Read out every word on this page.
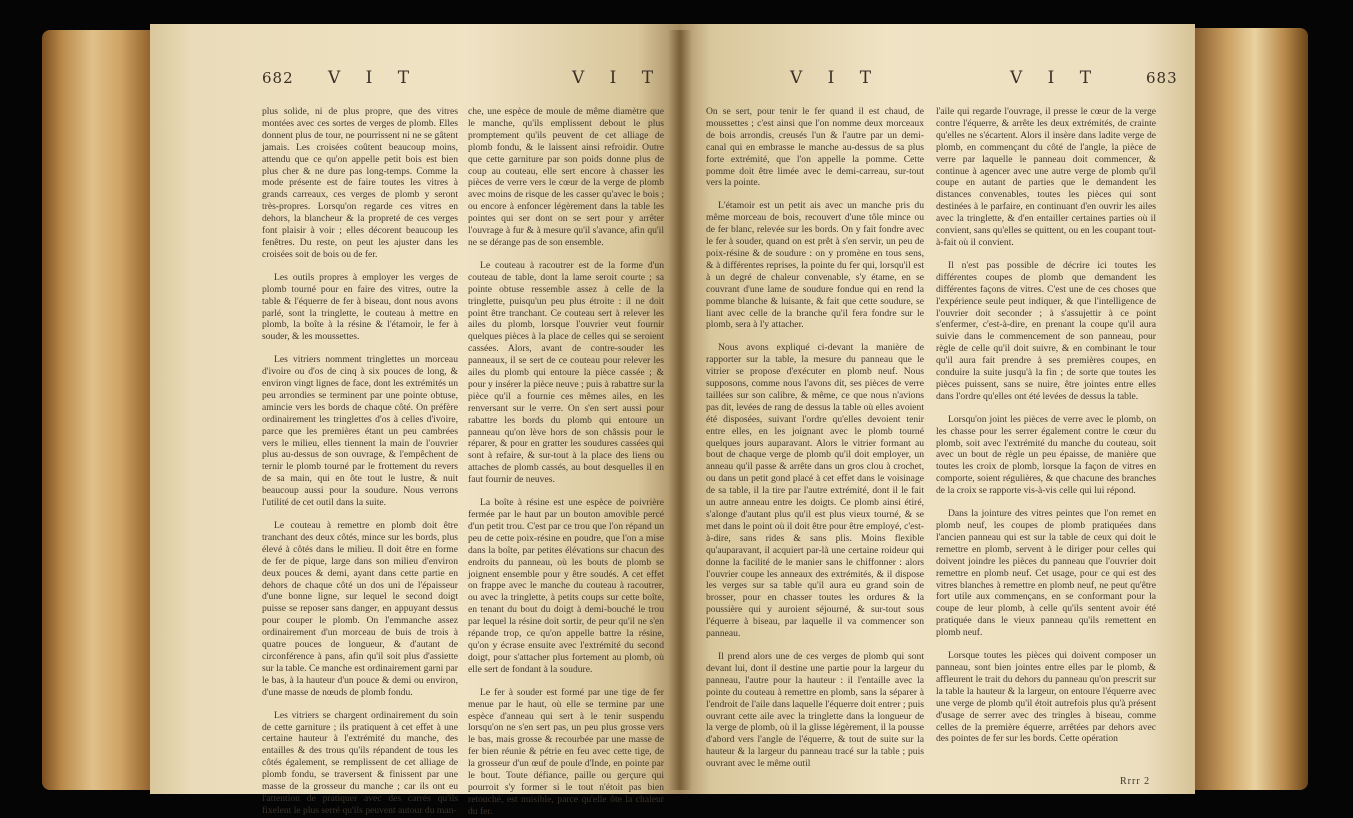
682 V I T	V I T

plus solide, ni de plus propre, que des vitres montées avec ces sortes de verges de plomb. Elles donnent plus de tour, ne pourrissent ni ne se gâtent jamais. Les croisées coûtent beaucoup moins, attendu que ce qu'on appelle petit bois est bien plus cher & ne dure pas long-temps. Comme la mode présente est de faire toutes les vitres à grands carreaux, ces verges de plomb y seront très-propres. Lorsqu'on regarde ces vitres en dehors, la blancheur & la propreté de ces verges font plaisir à voir ; elles décorent beaucoup les fenêtres. Du reste, on peut les ajuster dans les croisées soit de bois ou de fer.

Les outils propres à employer les verges de plomb tourné pour en faire des vitres, outre la table & l'équerre de fer à biseau, dont nous avons parlé, sont la tringlette, le couteau à mettre en plomb, la boîte à la résine & l'étamoir, le fer à souder, & les moussettes.

Les vitriers nomment tringlettes un morceau d'ivoire ou d'os de cinq à six pouces de long, & environ vingt lignes de face, dont les extrémités un peu arrondies se terminent par une pointe obtuse, amincie vers les bords de chaque côté. On préfère ordinairement les tringlettes d'os à celles d'ivoire, parce que les premières étant un peu cambrées vers le milieu, elles tiennent la main de l'ouvrier plus au-dessus de son ouvrage, & l'empêchent de ternir le plomb tourné par le frottement du revers de sa main, qui en ôte tout le lustre, & nuit beaucoup aussi pour la soudure. Nous verrons l'utilité de cet outil dans la suite.

Le couteau à remettre en plomb doit être tranchant des deux côtés, mince sur les bords, plus élevé à côtés dans le milieu. Il doit être en forme de fer de pique, large dans son milieu d'environ deux pouces & demi, ayant dans cette partie en dehors de chaque côté un dos uni de l'épaisseur d'une bonne ligne, sur lequel le second doigt puisse se reposer sans danger, en appuyant dessus pour couper le plomb. On l'emmanche assez ordinairement d'un morceau de buis de trois à quatre pouces de longueur, & d'autant de circonférence à pans, afin qu'il soit plus d'assiette sur la table. Ce manche est ordinairement garni par le bas, à la hauteur d'un pouce & demi ou environ, d'une masse de nœuds de plomb fondu.

Les vitriers se chargent ordinairement du soin de cette garniture ; ils pratiquent à cet effet à une certaine hauteur à l'extrémité du manche, des entailles & des trous qu'ils répandent de tous les côtés également, se remplissent de cet alliage de plomb fondu, se traversent & finissent par une masse de la grosseur du manche ; car ils ont eu l'attention de pratiquer avec des carrés qu'ils fixelent le plus serré qu'ils peuvent autour du man-

che, une espèce de moule de même diamètre que le manche, qu'ils emplissent debout le plus promptement qu'ils peuvent de cet alliage de plomb fondu, & le laissent ainsi refroidir. Outre que cette garniture par son poids donne plus de coup au couteau, elle sert encore à chasser les pièces de verre vers le cœur de la verge de plomb avec moins de risque de les casser qu'avec le bois ; ou encore à enfoncer légèrement dans la table les pointes qui ser dont on se sert pour y arrêter l'ouvrage à fur & à mesure qu'il s'avance, afin qu'il ne se dérange pas de son ensemble.

Le couteau à racoutrer est de la forme d'un couteau de table, dont la lame seroit courte ; sa pointe obtuse ressemble assez à celle de la tringlette, puisqu'un peu plus étroite : il ne doit point être tranchant. Ce couteau sert à relever les ailes du plomb, lorsque l'ouvrier veut fournir quelques pièces à la place de celles qui se seroient cassées. Alors, avant de contre-souder les panneaux, il se sert de ce couteau pour relever les ailes du plomb qui entoure la pièce cassée ; & pour y insérer la pièce neuve ; puis à rabattre sur la pièce qu'il a fournie ces mêmes ailes, en les renversant sur le verre. On s'en sert aussi pour rabattre les bords du plomb qui entoure un panneau qu'on lève hors de son châssis pour le réparer, & pour en gratter les soudures cassées qui sont à refaire, & sur-tout à la place des liens ou attaches de plomb cassés, au bout desquelles il en faut fournir de neuves.

La boîte à résine est une espèce de poivrière fermée par le haut par un bouton amovible percé d'un petit trou. C'est par ce trou que l'on répand un peu de cette poix-résine en poudre, que l'on a mise dans la boîte, par petites élévations sur chacun des endroits du panneau, où les bouts de plomb se joignent ensemble pour y être soudés. A cet effet on frappe avec le manche du couteau à racoutrer, ou avec la tringlette, à petits coups sur cette boîte, en tenant du bout du doigt à demi-bouché le trou par lequel la résine doit sortir, de peur qu'il ne s'en répande trop, ce qu'on appelle battre la résine, qu'on y écrase ensuite avec l'extrémité du second doigt, pour s'attacher plus fortement au plomb, où elle sert de fondant à la soudure.

Le fer à souder est formé par une tige de fer menue par le haut, où elle se termine par une espèce d'anneau qui sert à le tenir suspendu lorsqu'on ne s'en sert pas, un peu plus grosse vers le bas, mais grosse & recourbée par une masse de fer bien réunie & pétrie en feu avec cette tige, de la grosseur d'un œuf de poule d'Inde, en pointe par le bout. Toute défiance, paille ou gerçure qui pourroit s'y former si le tout n'étoit pas bien retouché, est nuisible, parce qu'elle ôte la chaleur du fer.

V I T	V I T	683

On se sert, pour tenir le fer quand il est chaud, de moussettes ; c'est ainsi que l'on nomme deux morceaux de bois arrondis, creusés l'un & l'autre par un demi-canal qui en embrasse le manche au-dessus de sa plus forte extrémité, que l'on appelle la pomme. Cette pomme doit être limée avec le demi-carreau, sur-tout vers la pointe.

L'étamoir est un petit ais avec un manche pris du même morceau de bois, recouvert d'une tôle mince ou de fer blanc, relevée sur les bords. On y fait fondre avec le fer à souder, quand on est prêt à s'en servir, un peu de poix-résine & de soudure : on y promène en tous sens, & à différentes reprises, la pointe du fer qui, lorsqu'il est à un degré de chaleur convenable, s'y étame, en se couvrant d'une lame de soudure fondue qui en rend la pomme blanche & luisante, & fait que cette soudure, se liant avec celle de la branche qu'il fera fondre sur le plomb, sera à l'y attacher.

Nous avons expliqué ci-devant la manière de rapporter sur la table, la mesure du panneau que le vitrier se propose d'exécuter en plomb neuf. Nous supposons, comme nous l'avons dit, ses pièces de verre taillées sur son calibre, & même, ce que nous n'avions pas dit, levées de rang de dessus la table où elles avoient été disposées, suivant l'ordre qu'elles devoient tenir entre elles, en les joignant avec le plomb tourné quelques jours auparavant. Alors le vitrier formant au bout de chaque verge de plomb qu'il doit employer, un anneau qu'il passe & arrête dans un gros clou à crochet, ou dans un petit gond placé à cet effet dans le voisinage de sa table, il la tire par l'autre extrémité, dont il le fait un autre anneau entre les doigts. Ce plomb ainsi étiré, s'alonge d'autant plus qu'il est plus vieux tourné, & se met dans le point où il doit être pour être employé, c'est-à-dire, sans rides & sans plis. Moins flexible qu'auparavant, il acquiert par-là une certaine roideur qui donne la facilité de le manier sans le chiffonner : alors l'ouvrier coupe les anneaux des extrémités, & il dispose les verges sur sa table qu'il aura eu grand soin de brosser, pour en chasser toutes les ordures & la poussière qui y auroient séjourné, & sur-tout sous l'équerre à biseau, par laquelle il va commencer son panneau.

Il prend alors une de ces verges de plomb qui sont devant lui, dont il destine une partie pour la largeur du panneau, l'autre pour la hauteur : il l'entaille avec la pointe du couteau à remettre en plomb, sans la séparer à l'endroit de l'aile dans laquelle l'équerre doit entrer ; puis ouvrant cette aile avec la tringlette dans la longueur de la verge de plomb, où il la glisse légèrement, il la pousse d'abord vers l'angle de l'équerre, & tout de suite sur la hauteur & la largeur du panneau tracé sur la table ; puis ouvrant avec le même outil

l'aile qui regarde l'ouvrage, il presse le cœur de la verge contre l'équerre, & arrête les deux extrémités, de crainte qu'elles ne s'écartent. Alors il insère dans ladite verge de plomb, en commençant du côté de l'angle, la pièce de verre par laquelle le panneau doit commencer, & continue à agencer avec une autre verge de plomb qu'il coupe en autant de parties que le demandent les distances convenables, toutes les pièces qui sont destinées à le parfaire, en continuant d'en ouvrir les ailes avec la tringlette, & d'en entailler certaines parties où il convient, sans qu'elles se quittent, ou en les coupant tout-à-fait où il convient.

Il n'est pas possible de décrire ici toutes les différentes coupes de plomb que demandent les différentes façons de vitres. C'est une de ces choses que l'expérience seule peut indiquer, & que l'intelligence de l'ouvrier doit seconder ; à s'assujettir à ce point s'enfermer, c'est-à-dire, en prenant la coupe qu'il aura suivie dans le commencement de son panneau, pour règle de celle qu'il doit suivre, & en combinant le tour qu'il aura fait prendre à ses premières coupes, en conduire la suite jusqu'à la fin ; de sorte que toutes les pièces puissent, sans se nuire, être jointes entre elles dans l'ordre qu'elles ont été levées de dessus la table.

Lorsqu'on joint les pièces de verre avec le plomb, on les chasse pour les serrer également contre le cœur du plomb, soit avec l'extrémité du manche du couteau, soit avec un bout de règle un peu épaisse, de manière que toutes les croix de plomb, lorsque la façon de vitres en comporte, soient régulières, & que chacune des branches de la croix se rapporte vis-à-vis celle qui lui répond.

Dans la jointure des vitres peintes que l'on remet en plomb neuf, les coupes de plomb pratiquées dans l'ancien panneau qui est sur la table de ceux qui doit le remettre en plomb, servent à le diriger pour celles qui doivent joindre les pièces du panneau que l'ouvrier doit remettre en plomb neuf. Cet usage, pour ce qui est des vitres blanches à remettre en plomb neuf, ne peut qu'être fort utile aux commençans, en se conformant pour la coupe de leur plomb, à celle qu'ils sentent avoir été pratiquée dans le vieux panneau qu'ils remettent en plomb neuf.

Lorsque toutes les pièces qui doivent composer un panneau, sont bien jointes entre elles par le plomb, & affleurent le trait du dehors du panneau qu'on prescrit sur la table la hauteur & la largeur, on entoure l'équerre avec une verge de plomb qu'il étoit autrefois plus qu'à présent d'usage de serrer avec des tringles à biseau, comme celles de la première équerre, arrêtées par dehors avec des pointes de fer sur les bords. Cette opération

Rrrr 2
